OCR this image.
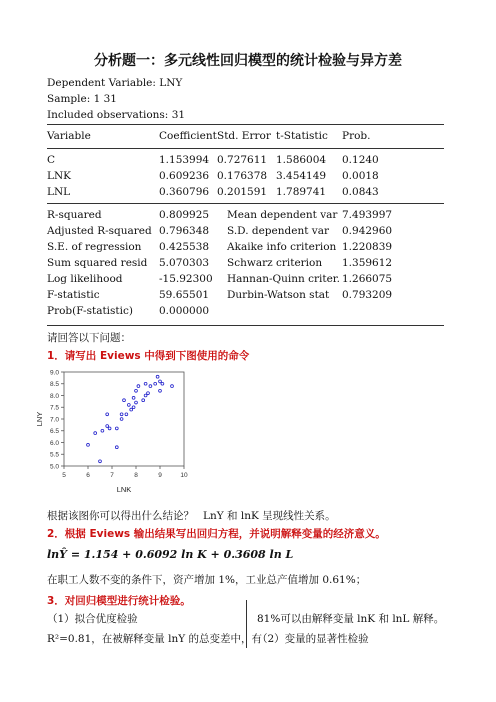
分析题一：多元线性回归模型的统计检验与异方差
Dependent Variable: LNY
Sample: 1 31
Included observations: 31
Variable	Coefficient Std. Error t-Statistic Prob.
C	1.153994 0.727611 1.586004 0.1240
LNK	0.609236 0.176378 3.454149 0.0018
LNL	0.360796 0.201591 1.789741 0.0843
R-squared	0.809925 Mean dependent var 7.493997
Adjusted R-squared 0.796348 S.D. dependent var 0.942960
S.E. of regression 0.425538 Akaike info criterion 1.220839
Sum squared resid 5.070303 Schwarz criterion 1.359612
Log likelihood	-15.92300 Hannan-Quinn criter. 1.266075
F-statistic	59.65501 Durbin-Watson stat 0.793209
Prob(F-statistic) 0.000000
请回答以下问题：
1．请写出 Eviews 中得到下图使用的命令
5	6	7	8	9	10
5.0
5.5
6.0
6.5
7.0
7.5
8.0
8.5
9.0
LNK
LNY
根据该图你可以得出什么结论？ LnY 和 lnK 呈现线性关系。
2．根据 Eviews 输出结果写出回归方程，并说明解释变量的经济意义。
lnŶ = 1.154 + 0.6092 ln K + 0.3608 ln L
在职工人数不变的条件下，资产增加 1%，工业总产值增加 0.61%；
3．对回归模型进行统计检验。
（1）拟合优度检验
R²=0.81，在被解释变量 lnY 的总变差中，有
81%可以由解释变量 lnK 和 lnL 解释。
（2）变量的显著性检验
